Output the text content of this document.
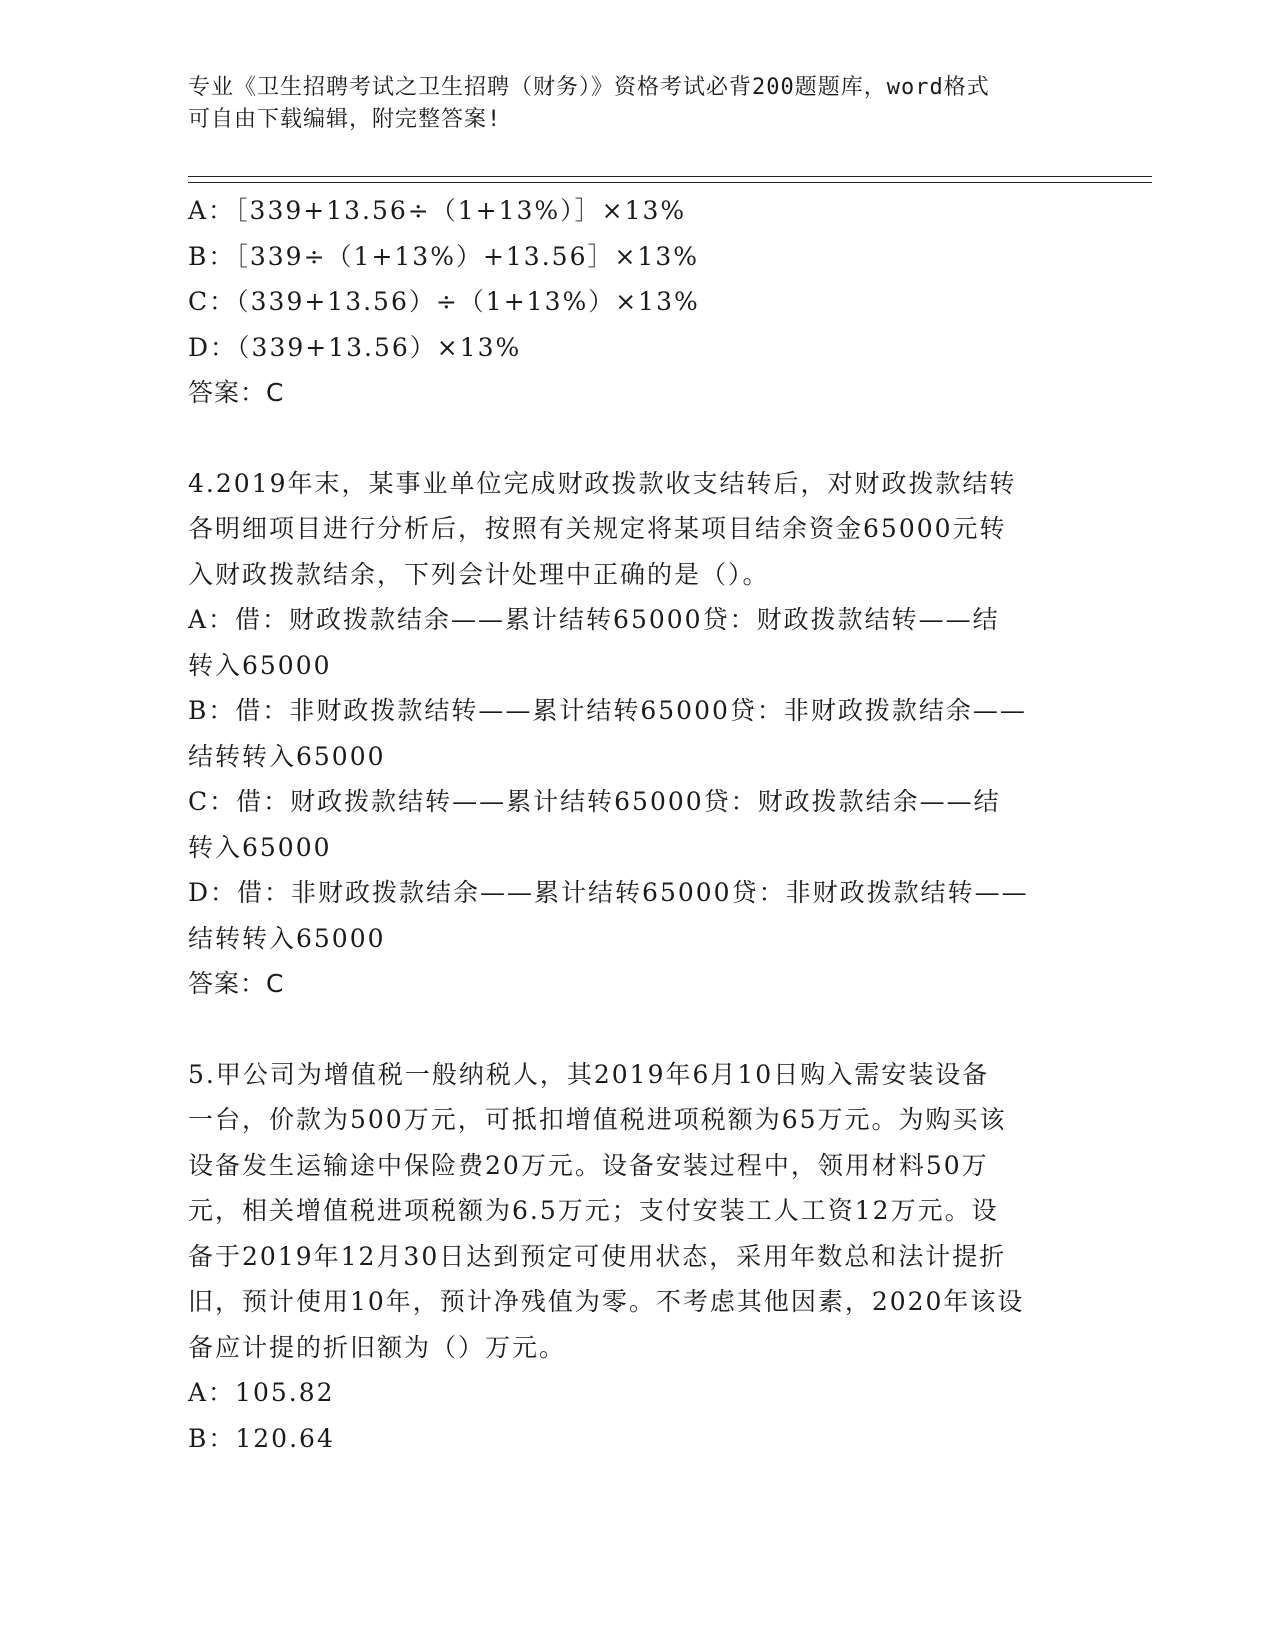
专业《卫生招聘考试之卫生招聘（财务）》资格考试必背200题题库，word格式
可自由下载编辑，附完整答案!
A：［339+13.56÷（1+13%）］×13%
B：［339÷（1+13%）+13.56］×13%
C：（339+13.56）÷（1+13%）×13%
D：（339+13.56）×13%
答案：C
4.2019年末，某事业单位完成财政拨款收支结转后，对财政拨款结转
各明细项目进行分析后，按照有关规定将某项目结余资金65000元转
入财政拨款结余，下列会计处理中正确的是（）。
A：借：财政拨款结余——累计结转65000贷：财政拨款结转——结
转入65000
B：借：非财政拨款结转——累计结转65000贷：非财政拨款结余——
结转转入65000
C：借：财政拨款结转——累计结转65000贷：财政拨款结余——结
转入65000
D：借：非财政拨款结余——累计结转65000贷：非财政拨款结转——
结转转入65000
答案：C
5.甲公司为增值税一般纳税人，其2019年6月10日购入需安装设备
一台，价款为500万元，可抵扣增值税进项税额为65万元。为购买该
设备发生运输途中保险费20万元。设备安装过程中，领用材料50万
元，相关增值税进项税额为6.5万元；支付安装工人工资12万元。设
备于2019年12月30日达到预定可使用状态，采用年数总和法计提折
旧，预计使用10年，预计净残值为零。不考虑其他因素，2020年该设
备应计提的折旧额为（）万元。
A：105.82
B：120.64
